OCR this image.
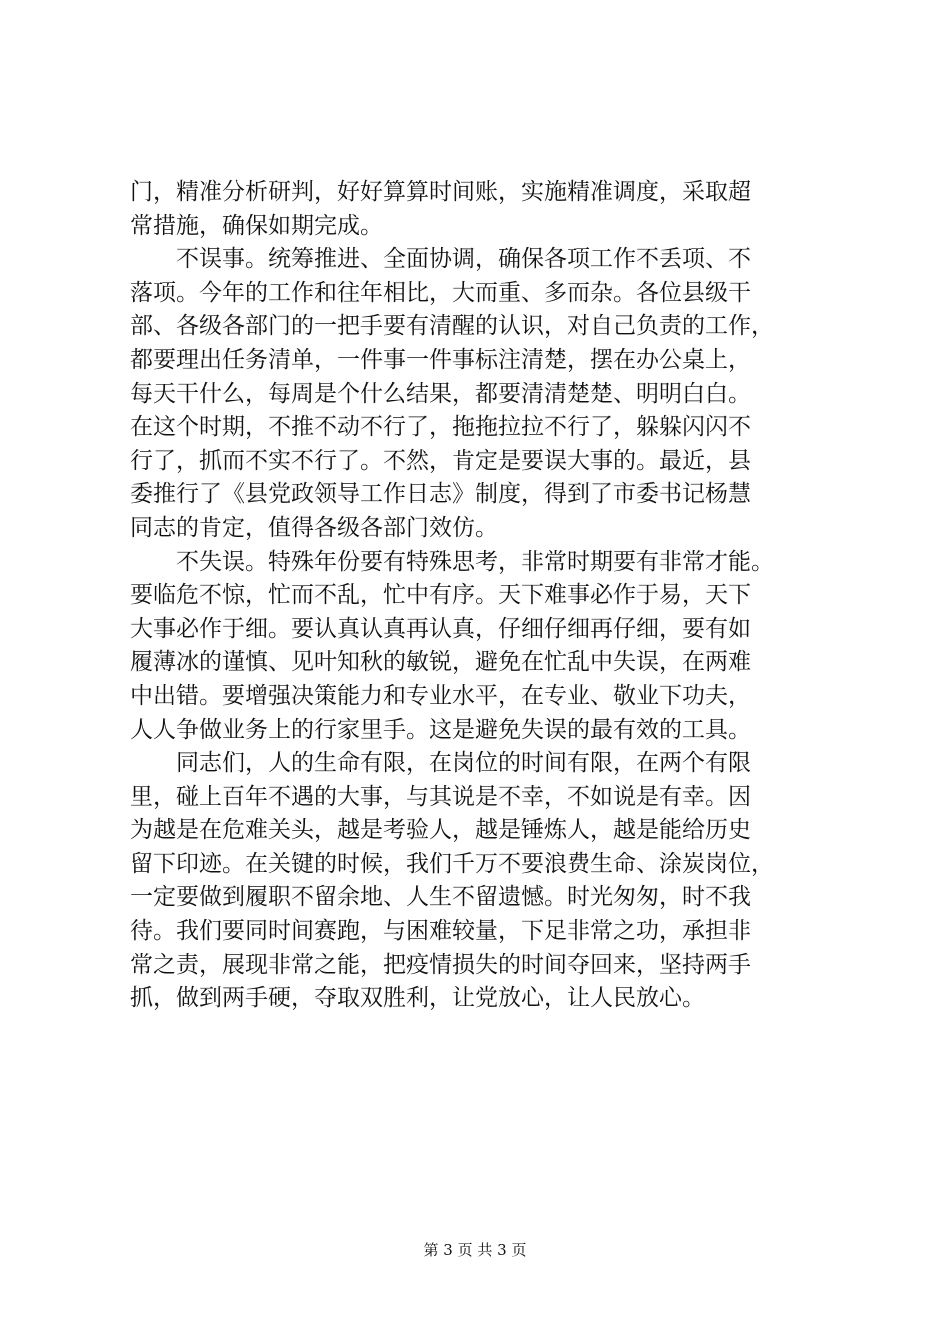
门，精准分析研判，好好算算时间账，实施精准调度，采取超
常措施，确保如期完成。
　　不误事。统筹推进、全面协调，确保各项工作不丢项、不
落项。今年的工作和往年相比，大而重、多而杂。各位县级干
部、各级各部门的一把手要有清醒的认识，对自己负责的工作，
都要理出任务清单，一件事一件事标注清楚，摆在办公桌上，
每天干什么，每周是个什么结果，都要清清楚楚、明明白白。
在这个时期，不推不动不行了，拖拖拉拉不行了，躲躲闪闪不
行了，抓而不实不行了。不然，肯定是要误大事的。最近，县
委推行了《县党政领导工作日志》制度，得到了市委书记杨慧
同志的肯定，值得各级各部门效仿。
　　不失误。特殊年份要有特殊思考，非常时期要有非常才能。
要临危不惊，忙而不乱，忙中有序。天下难事必作于易，天下
大事必作于细。要认真认真再认真，仔细仔细再仔细，要有如
履薄冰的谨慎、见叶知秋的敏锐，避免在忙乱中失误，在两难
中出错。要增强决策能力和专业水平，在专业、敬业下功夫，
人人争做业务上的行家里手。这是避免失误的最有效的工具。
　　同志们，人的生命有限，在岗位的时间有限，在两个有限
里，碰上百年不遇的大事，与其说是不幸，不如说是有幸。因
为越是在危难关头，越是考验人，越是锤炼人，越是能给历史
留下印迹。在关键的时候，我们千万不要浪费生命、涂炭岗位，
一定要做到履职不留余地、人生不留遗憾。时光匆匆，时不我
待。我们要同时间赛跑，与困难较量，下足非常之功，承担非
常之责，展现非常之能，把疫情损失的时间夺回来，坚持两手
抓，做到两手硬，夺取双胜利，让党放心，让人民放心。
第 3 页 共 3 页
